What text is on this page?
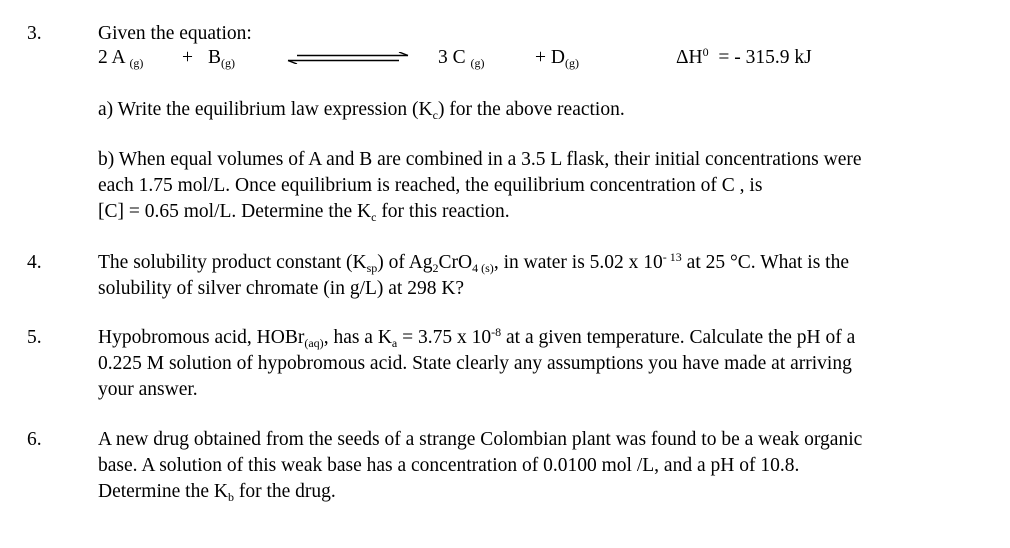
3.	Given the equation:
2 A $_{(g)} + B_{(g)}$	3 C $_{(g)}$	+ $D_{(g)}$	$\Delta H^0$ = - 315.9 kJ
a) Write the equilibrium law expression $(K_c)$ for the above reaction.

b) When equal volumes of A and B are combined in a 3.5 L flask, their initial concentrations were

each 1.75 mol/L. Once equilibrium is reached, the equilibrium concentration of C , is

[C] = 0.65 mol/L. Determine the $K_c$ for this reaction.

4.	The solubility product constant $(K_{sp})$ of $Ag_2CrO_{4 (s)}$, in water is 5.02 x $10^{- 13}$ at 25 °C. What is the

solubility of silver chromate (in g/L) at 298 K?

5.	Hypobromous acid, HOBr$_{(aq)}$, has a $K_a = 3.75$ x $10^{-8}$ at a given temperature. Calculate the pH of a

0.225 M solution of hypobromous acid. State clearly any assumptions you have made at arriving

your answer.

6.	A new drug obtained from the seeds of a strange Colombian plant was found to be a weak organic

base. A solution of this weak base has a concentration of 0.0100 mol /L, and a pH of 10.8.

Determine the $K_b$ for the drug.
